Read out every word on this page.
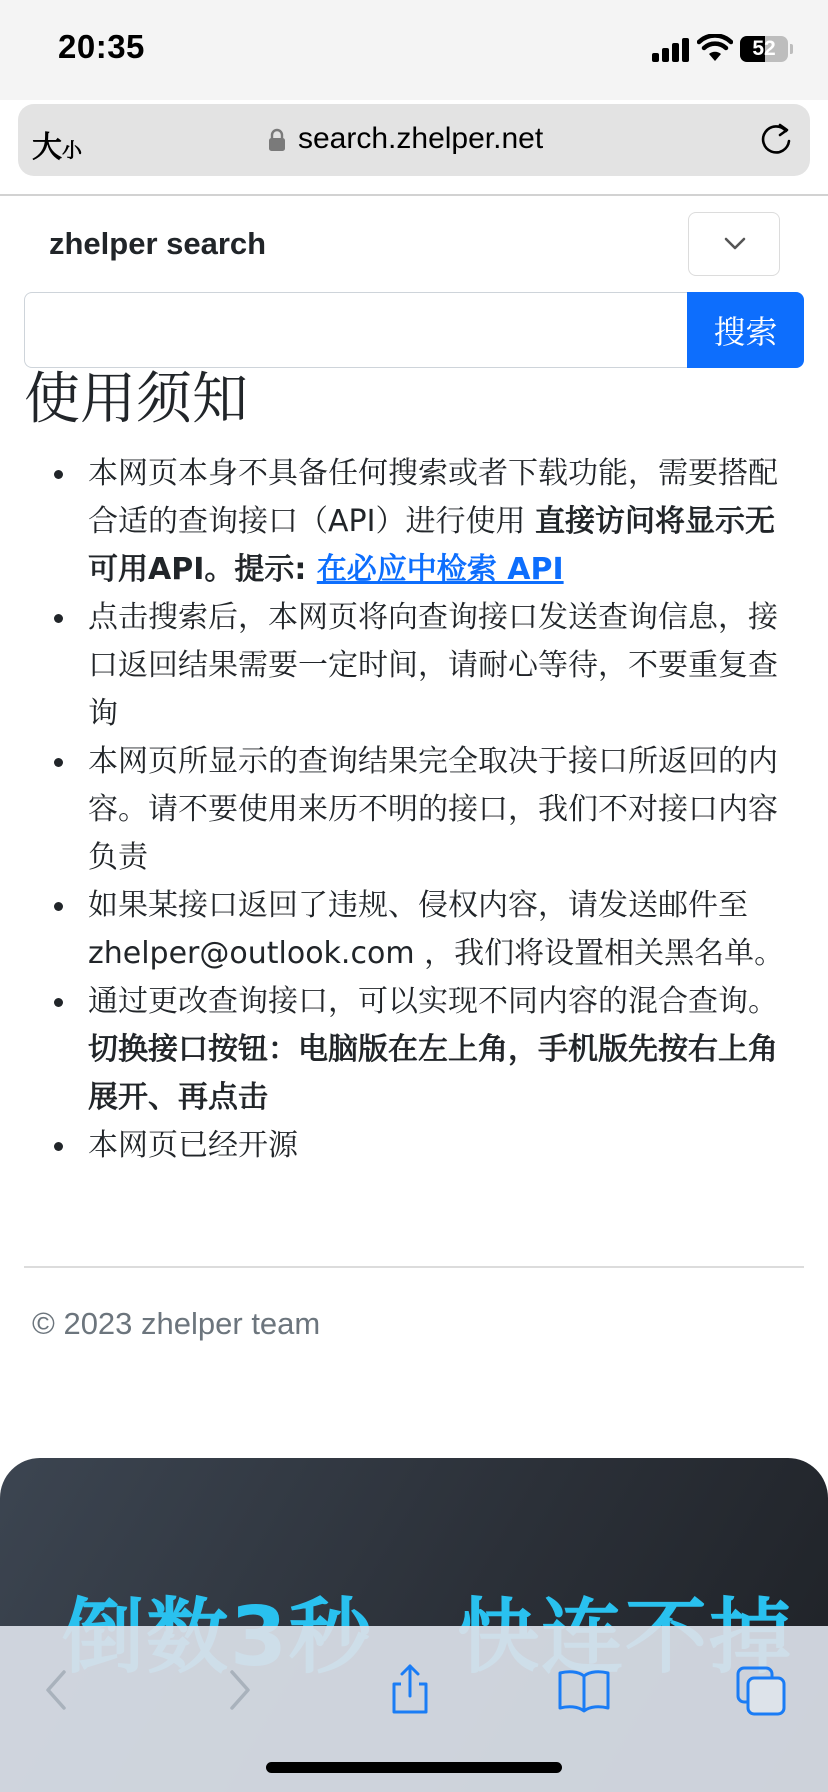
20:35	52
大小	search.zhelper.net
zhelper search
搜索
使用须知
本网页本身不具备任何搜索或者下载功能，需要搭配合适的查询接口（API）进行使用 直接访问将显示无可用API。提示: 在必应中检索 API
点击搜索后，本网页将向查询接口发送查询信息，接口返回结果需要一定时间，请耐心等待，不要重复查询
本网页所显示的查询结果完全取决于接口所返回的内容。请不要使用来历不明的接口，我们不对接口内容负责
如果某接口返回了违规、侵权内容，请发送邮件至 zhelper@outlook.com ，我们将设置相关黑名单。
通过更改查询接口，可以实现不同内容的混合查询。切换接口按钮：电脑版在左上角，手机版先按右上角展开、再点击
本网页已经开源
© 2023 zhelper team
